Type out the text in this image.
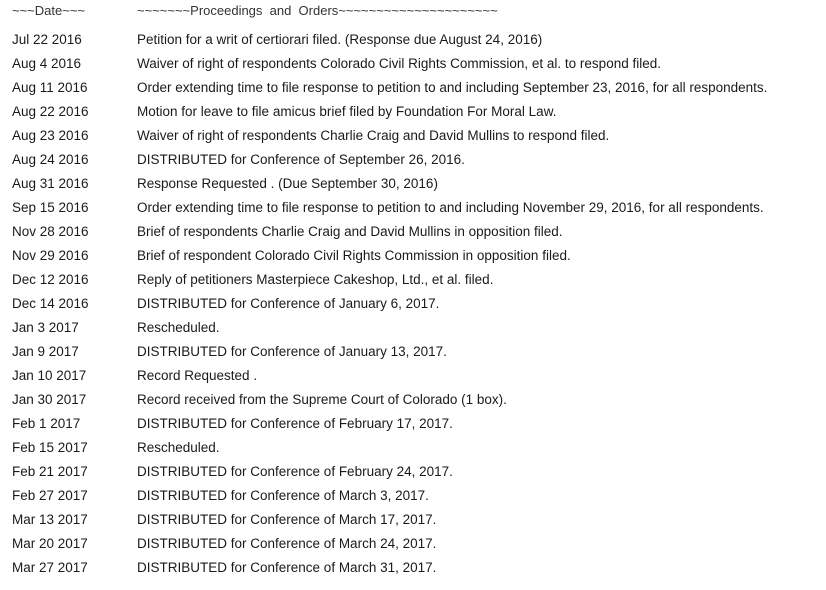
~~~Date~~~	~~~~~~~Proceedings  and  Orders~~~~~~~~~~~~~~~~~~~~~
Jul 22 2016	Petition for a writ of certiorari filed. (Response due August 24, 2016)
Aug 4 2016	Waiver of right of respondents Colorado Civil Rights Commission, et al. to respond filed.
Aug 11 2016	Order extending time to file response to petition to and including September 23, 2016, for all respondents.
Aug 22 2016	Motion for leave to file amicus brief filed by Foundation For Moral Law.
Aug 23 2016	Waiver of right of respondents Charlie Craig and David Mullins to respond filed.
Aug 24 2016	DISTRIBUTED for Conference of September 26, 2016.
Aug 31 2016	Response Requested . (Due September 30, 2016)
Sep 15 2016	Order extending time to file response to petition to and including November 29, 2016, for all respondents.
Nov 28 2016	Brief of respondents Charlie Craig and David Mullins in opposition filed.
Nov 29 2016	Brief of respondent Colorado Civil Rights Commission in opposition filed.
Dec 12 2016	Reply of petitioners Masterpiece Cakeshop, Ltd., et al. filed.
Dec 14 2016	DISTRIBUTED for Conference of January 6, 2017.
Jan 3 2017	Rescheduled.
Jan 9 2017	DISTRIBUTED for Conference of January 13, 2017.
Jan 10 2017	Record Requested .
Jan 30 2017	Record received from the Supreme Court of Colorado (1 box).
Feb 1 2017	DISTRIBUTED for Conference of February 17, 2017.
Feb 15 2017	Rescheduled.
Feb 21 2017	DISTRIBUTED for Conference of February 24, 2017.
Feb 27 2017	DISTRIBUTED for Conference of March 3, 2017.
Mar 13 2017	DISTRIBUTED for Conference of March 17, 2017.
Mar 20 2017	DISTRIBUTED for Conference of March 24, 2017.
Mar 27 2017	DISTRIBUTED for Conference of March 31, 2017.
